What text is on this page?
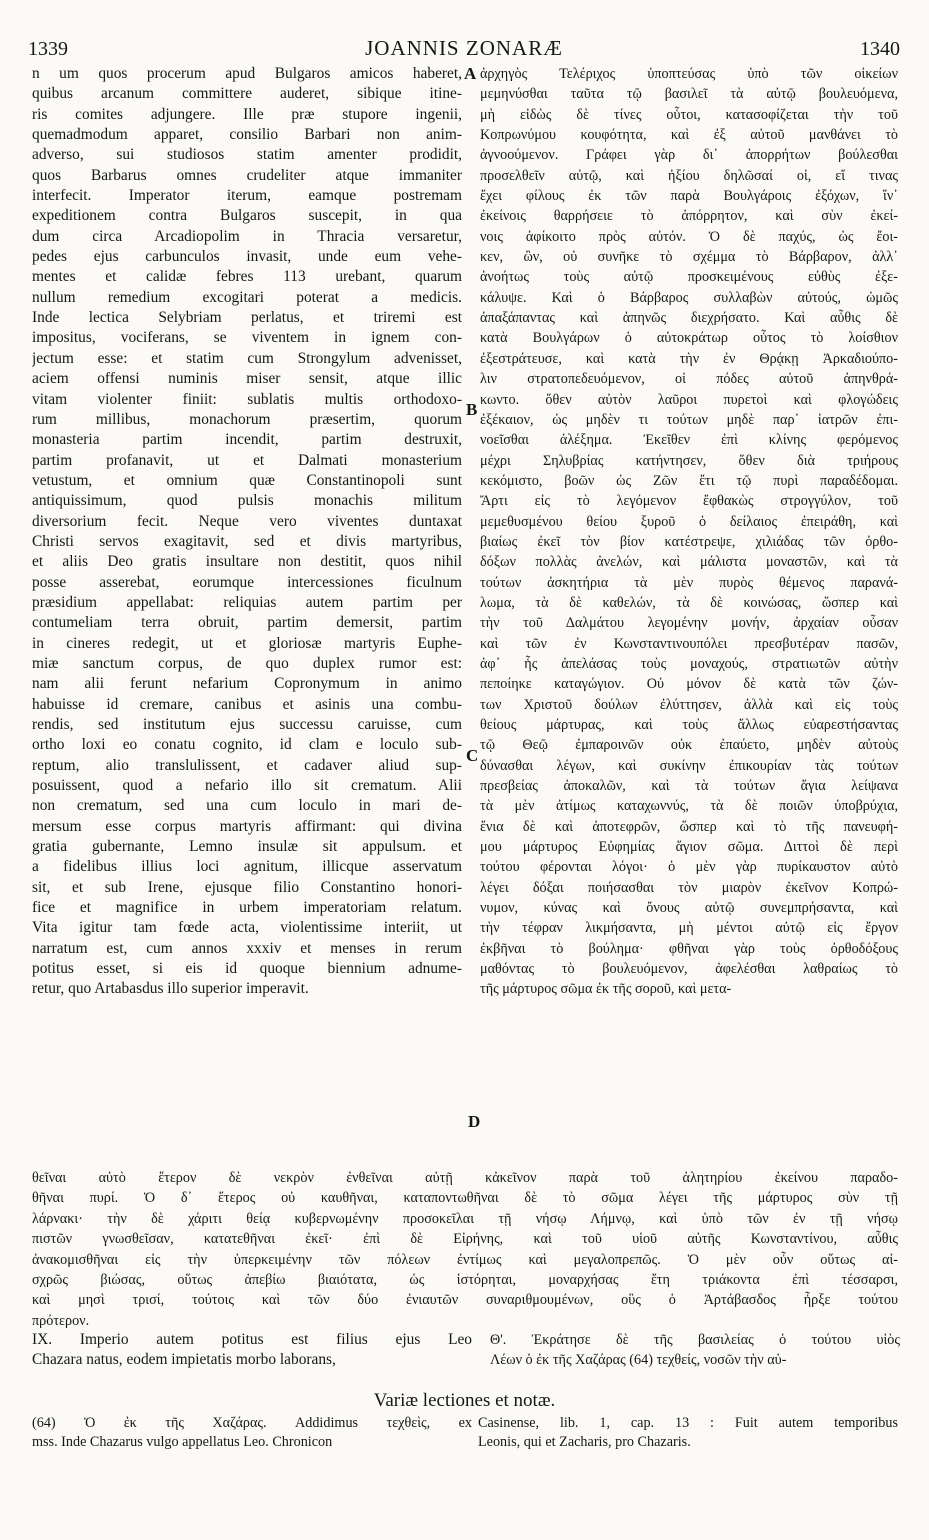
1339	JOANNIS ZONARÆ	1340
n um quos procerum apud Bulgaros amicos haberet,
quibus arcanum committere auderet, sibique itine-
ris comites adjungere. Ille præ stupore ingenii,
quemadmodum apparet, consilio Barbari non anim-
adverso, sui studiosos statim amenter prodidit,
quos Barbarus omnes crudeliter atque immaniter
interfecit. Imperator iterum, eamque postremam
expeditionem contra Bulgaros suscepit, in qua
dum circa Arcadiopolim in Thracia versaretur,
pedes ejus carbunculos invasit, unde eum vehe-
mentes et calidæ febres 113 urebant, quarum
nullum remedium excogitari poterat a medicis.
Inde lectica Selybriam perlatus, et triremi est
impositus, vociferans, se viventem in ignem con-
jectum esse: et statim cum Strongylum advenisset,
aciem offensi numinis miser sensit, atque illic
vitam violenter finiit: sublatis multis orthodoxo-
rum millibus, monachorum præsertim, quorum
monasteria partim incendit, partim destruxit,
partim profanavit, ut et Dalmati monasterium
vetustum, et omnium quæ Constantinopoli sunt
antiquissimum, quod pulsis monachis militum
diversorium fecit. Neque vero viventes duntaxat
Christi servos exagitavit, sed et divis martyribus,
et aliis Deo gratis insultare non destitit, quos nihil
posse asserebat, eorumque intercessiones ficulnum
præsidium appellabat: reliquias autem partim per
contumeliam terra obruit, partim demersit, partim
in cineres redegit, ut et gloriosæ martyris Euphe-
miæ sanctum corpus, de quo duplex rumor est:
nam alii ferunt nefarium Copronymum in animo
habuisse id cremare, canibus et asinis una combu-
rendis, sed institutum ejus successu caruisse, cum
ortho loxi eo conatu cognito, id clam e loculo sub-
reptum, alio translulissent, et cadaver aliud sup-
posuissent, quod a nefario illo sit crematum. Alii
non crematum, sed una cum loculo in mari de-
mersum esse corpus martyris affirmant: qui divina
gratia gubernante, Lemno insulæ sit appulsum. et
a fidelibus illius loci agnitum, illicque asservatum
sit, et sub Irene, ejusque filio Constantino honori-
fice et magnifice in urbem imperatoriam relatum.
Vita igitur tam fœde acta, violentissime interiit, ut
narratum est, cum annos xxxiv et menses in rerum
potitus esset, si eis id quoque biennium adnume-
retur, quo Artabasdus illo superior imperavit.
ἀρχηγὸς Τελέριχος ὑποπτεύσας ὑπὸ τῶν οἰκείων
μεμηνύσθαι ταῦτα τῷ βασιλεῖ τὰ αὐτῷ βουλευόμενα,
μὴ εἰδὼς δὲ τίνες οὗτοι, κατασοφίζεται τὴν τοῦ
Κοπρωνύμου κουφότητα, καὶ ἐξ αὐτοῦ μανθάνει τὸ
ἀγνοούμενον. Γράφει γὰρ δι᾽ ἀπορρήτων βούλεσθαι
προσελθεῖν αὐτῷ, καὶ ἠξίου δηλῶσαί οἱ, εἴ τινας
ἔχει φίλους ἐκ τῶν παρὰ Βουλγάροις ἐξόχων, ἵν᾽
ἐκείνοις θαρρήσειε τὸ ἀπόρρητον, καὶ σὺν ἐκεί-
νοις ἀφίκοιτο πρὸς αὐτόν. Ὁ δὲ παχύς, ὡς ἔοι-
κεν, ὢν, οὐ συνῆκε τὸ σχέμμα τὸ Βάρβαρον, ἀλλ᾽
ἀνοήτως τοὺς αὐτῷ προσκειμένους εὐθὺς ἐξε-
κάλυψε. Καὶ ὁ Βάρβαρος συλλαβὼν αὐτούς, ὠμῶς
ἀπαξάπαντας καὶ ἀπηνῶς διεχρήσατο. Καὶ αὖθις δὲ
κατὰ Βουλγάρων ὁ αὐτοκράτωρ οὗτος τὸ λοίσθιον
ἐξεστράτευσε, καὶ κατὰ τὴν ἐν Θρᾴκῃ Ἀρκαδιούπο-
λιν στρατοπεδευόμενον, οἱ πόδες αὐτοῦ ἀπηνθρά-
κωντο. ὅθεν αὐτὸν λαῦροι πυρετοὶ καὶ φλογώδεις
ἐξέκαιον, ὡς μηδὲν τι τούτων μηδὲ παρ᾽ ἰατρῶν ἐπι-
νοεῖσθαι ἀλέξημα. Ἐκεῖθεν ἐπὶ κλίνης φερόμενος
μέχρι Σηλυβρίας κατήντησεν, ὅθεν διὰ τριήρους
κεκόμιστο, βοῶν ὡς Ζῶν ἔτι τῷ πυρὶ παραδέδομαι.
Ἄρτι εἰς τὸ λεγόμενον ἔφθακὼς στρογγύλον, τοῦ
μεμεθυσμένου θείου ξυροῦ ὁ δείλαιος ἐπειράθη, καὶ
βιαίως ἐκεῖ τὸν βίον κατέστρεψε, χιλιάδας τῶν ὀρθο-
δόξων πολλὰς ἀνελών, καὶ μάλιστα μοναστῶν, καὶ τὰ
τούτων ἀσκητήρια τὰ μὲν πυρὸς θέμενος παρανά-
λωμα, τὰ δὲ καθελών, τὰ δὲ κοινώσας, ὥσπερ καὶ
τὴν τοῦ Δαλμάτου λεγομένην μονήν, ἀρχαίαν οὖσαν
καὶ τῶν ἐν Κωνσταντινουπόλει πρεσβυτέραν πασῶν,
ἀφ᾽ ἧς ἀπελάσας τοὺς μοναχούς, στρατιωτῶν αὐτὴν
πεποίηκε καταγώγιον. Οὐ μόνον δὲ κατὰ τῶν ζών-
των Χριστοῦ δούλων ἐλύττησεν, ἀλλὰ καὶ εἰς τοὺς
θείους μάρτυρας, καὶ τοὺς ἄλλως εὐαρεστήσαντας
τῷ Θεῷ ἐμπαροινῶν οὐκ ἐπαύετο, μηδὲν αὐτοὺς
δύνασθαι λέγων, καὶ συκίνην ἐπικουρίαν τὰς τούτων
πρεσβείας ἀποκαλῶν, καὶ τὰ τούτων ἅγια λείψανα
τὰ μὲν ἀτίμως καταχωννύς, τὰ δὲ ποιῶν ὑποβρύχια,
ἔνια δὲ καὶ ἀποτεφρῶν, ὥσπερ καὶ τὸ τῆς πανευφή-
μου μάρτυρος Εὐφημίας ἅγιον σῶμα. Διττοὶ δὲ περὶ
τούτου φέρονται λόγοι· ὁ μὲν γὰρ πυρίκαυστον αὐτὸ
λέγει δόξαι ποιήσασθαι τὸν μιαρὸν ἐκεῖνον Κοπρώ-
νυμον, κύνας καὶ ὄνους αὐτῷ συνεμπρήσαντα, καὶ
τὴν τέφραν λικμήσαντα, μὴ μέντοι αὐτῷ εἰς ἔργον
ἐκβῆναι τὸ βούλημα· φθῆναι γὰρ τοὺς ὀρθοδόξους
μαθόντας τὸ βουλευόμενον, ἀφελέσθαι λαθραίως τὸ
τῆς μάρτυρος σῶμα ἐκ τῆς σοροῦ, καὶ μετα-
A
B
C
D
θεῖναι αὐτὸ ἕτερον δὲ νεκρὸν ἐνθεῖναι αὐτῇ κἀκεῖνον παρὰ τοῦ ἀλητηρίου ἐκείνου παραδο-
θῆναι πυρί. Ὁ δ᾽ ἕτερος οὐ καυθῆναι, καταποντωθῆναι δὲ τὸ σῶμα λέγει τῆς μάρτυρος σὺν τῇ
λάρνακι· τὴν δὲ χάριτι θείᾳ κυβερνωμένην προσοκεῖλαι τῇ νήσῳ Λήμνῳ, καὶ ὑπὸ τῶν ἐν τῇ νήσῳ
πιστῶν γνωσθεῖσαν, κατατεθῆναι ἐκεῖ· ἐπὶ δὲ Εἰρήνης, καὶ τοῦ υἱοῦ αὐτῆς Κωνσταντίνου, αὖθις
ἀνακομισθῆναι εἰς τὴν ὑπερκειμένην τῶν πόλεων ἐντίμως καὶ μεγαλοπρεπῶς. Ὁ μὲν οὖν οὕτως αἰ-
σχρῶς βιώσας, οὕτως ἀπεβίω βιαιότατα, ὡς ἱστόρηται, μοναρχήσας ἔτη τριάκοντα ἐπὶ τέσσαρσι,
καὶ μησὶ τρισί, τούτοις καὶ τῶν δύο ἐνιαυτῶν συναριθμουμένων, οὓς ὁ Ἀρτάβασδος ἦρξε τούτου
πρότερον.
IX. Imperio autem potitus est filius ejus Leo
Chazara natus, eodem impietatis morbo laborans,
Θ'. Ἐκράτησε δὲ τῆς βασιλείας ὁ τούτου υἱὸς
Λέων ὁ ἐκ τῆς Χαζάρας (64) τεχθείς, νοσῶν τὴν αὐ-
Variæ lectiones et notæ.
(64) Ὁ ἐκ τῆς Χαζάρας. Addidimus τεχθεὶς, ex
mss. Inde Chazarus vulgo appellatus Leo. Chronicon
Casinense, lib. 1, cap. 13 : Fuit autem temporibus
Leonis, qui et Zacharis, pro Chazaris.
